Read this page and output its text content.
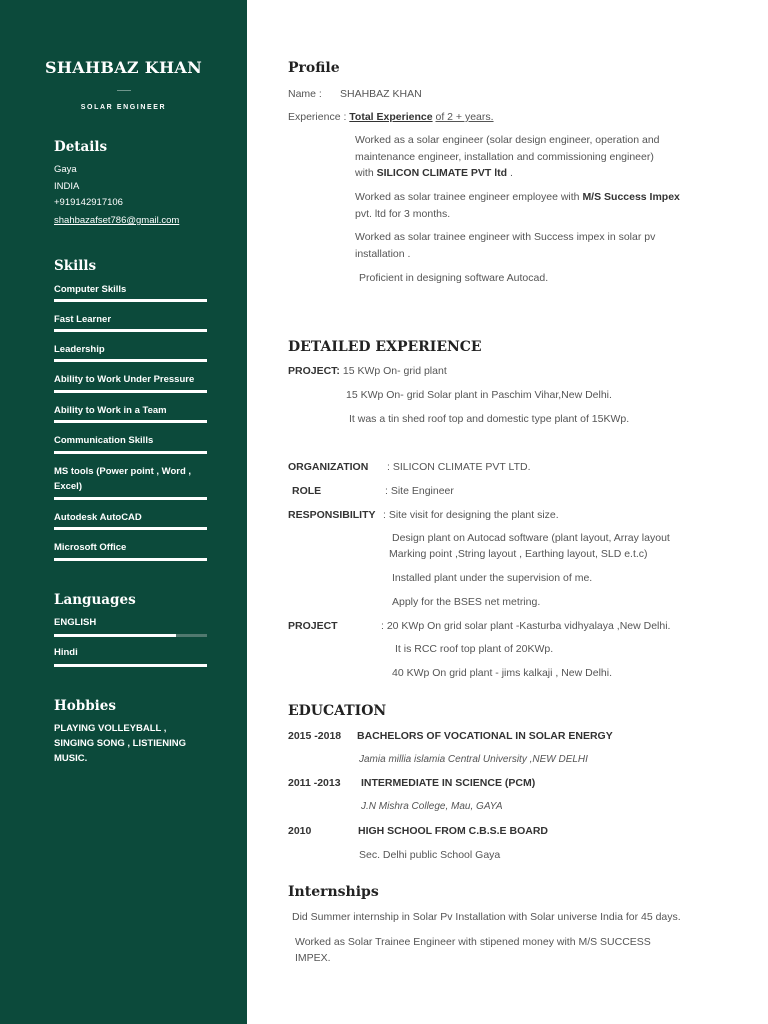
SHAHBAZ KHAN
SOLAR ENGINEER
Details
Gaya
INDIA
+919142917106
shahbazafset786@gmail.com
Skills
Computer Skills
Fast Learner
Leadership
Ability to Work Under Pressure
Ability to Work in a Team
Communication Skills
MS tools (Power point , Word ,
Excel)
Autodesk AutoCAD
Microsoft Office
Languages
ENGLISH
Hindi
Hobbies
PLAYING VOLLEYBALL ,
SINGING SONG , LISTIENING
MUSIC.
Profile
Name : SHAHBAZ KHAN
Experience : Total Experience of 2 + years.
Worked as a solar engineer (solar design engineer, operation and
maintenance engineer, installation and commissioning engineer)
with SILICON CLIMATE PVT ltd .
Worked as solar trainee engineer employee with M/S Success Impex
pvt. ltd for 3 months.
Worked as solar trainee engineer with Success impex in solar pv
installation .
Proficient in designing software Autocad.
DETAILED EXPERIENCE
PROJECT: 15 KWp On- grid plant
15 KWp On- grid Solar plant in Paschim Vihar,New Delhi.
It was a tin shed roof top and domestic type plant of 15KWp.
ORGANIZATION : SILICON CLIMATE PVT LTD.
ROLE	: Site Engineer
RESPONSIBILITY : Site visit for designing the plant size.
Design plant on Autocad software (plant layout, Array layout
Marking point ,String layout , Earthing layout, SLD e.t.c)
Installed plant under the supervision of me.
Apply for the BSES net metring.
PROJECT	: 20 KWp On grid solar plant -Kasturba vidhyalaya ,New Delhi.
It is RCC roof top plant of 20KWp.
40 KWp On grid plant - jims kalkaji , New Delhi.
EDUCATION
2015 -2018 BACHELORS OF VOCATIONAL IN SOLAR ENERGY
Jamia millia islamia Central University ,NEW DELHI
2011 -2013 INTERMEDIATE IN SCIENCE (PCM)
J.N Mishra College, Mau, GAYA
2010	HIGH SCHOOL FROM C.B.S.E BOARD
Sec. Delhi public School Gaya
Internships
Did Summer internship in Solar Pv Installation with Solar universe India for 45 days.
Worked as Solar Trainee Engineer with stipened money with M/S SUCCESS
IMPEX.
